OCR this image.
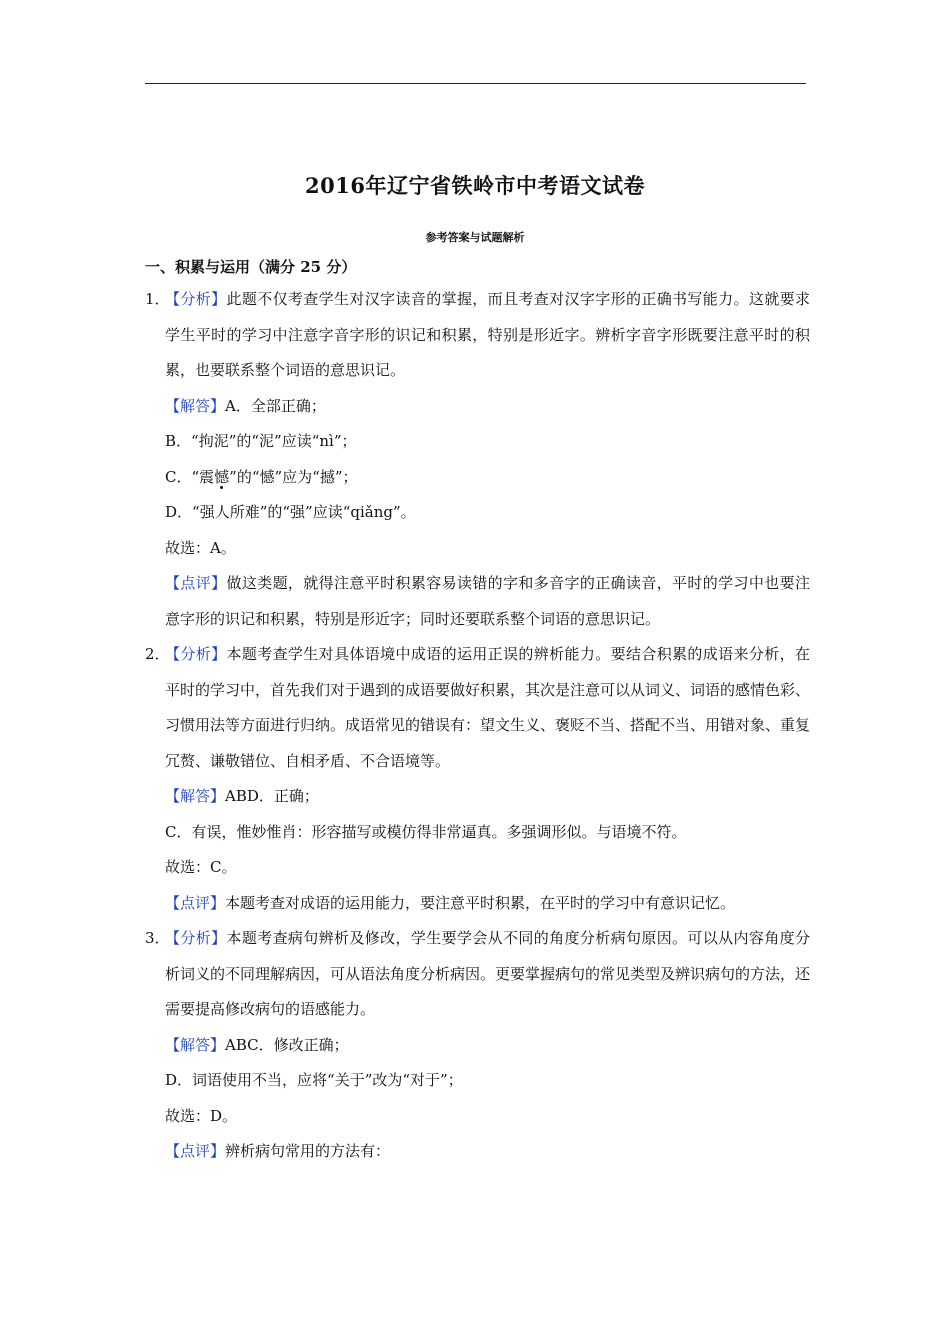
2016年辽宁省铁岭市中考语文试卷
参考答案与试题解析
一、积累与运用（满分 25 分）
1．
【分析】此题不仅考查学生对汉字读音的掌握，而且考查对汉字字形的正确书写能力。这就要求学生平时的学习中注意字音字形的识记和积累，特别是形近字。辨析字音字形既要注意平时的积累，也要联系整个词语的意思识记。
【解答】A．全部正确；
B．“拘泥”的“泥”应读“nì”；
C．“震憾”的“憾”应为“撼”；
D．“强人所难”的“强”应读“qiǎng”。
故选：A。
【点评】做这类题，就得注意平时积累容易读错的字和多音字的正确读音，平时的学习中也要注意字形的识记和积累，特别是形近字；同时还要联系整个词语的意思识记。
2．
【分析】本题考查学生对具体语境中成语的运用正误的辨析能力。要结合积累的成语来分析，在平时的学习中，首先我们对于遇到的成语要做好积累，其次是注意可以从词义、词语的感情色彩、习惯用法等方面进行归纳。成语常见的错误有：望文生义、褒贬不当、搭配不当、用错对象、重复冗赘、谦敬错位、自相矛盾、不合语境等。
【解答】ABD．正确；
C．有误，惟妙惟肖：形容描写或模仿得非常逼真。多强调形似。与语境不符。
故选：C。
【点评】本题考查对成语的运用能力，要注意平时积累，在平时的学习中有意识记忆。
3．
【分析】本题考查病句辨析及修改，学生要学会从不同的角度分析病句原因。可以从内容角度分析词义的不同理解病因，可从语法角度分析病因。更要掌握病句的常见类型及辨识病句的方法，还需要提高修改病句的语感能力。
【解答】ABC．修改正确；
D．词语使用不当，应将“关于”改为“对于”；
故选：D。
【点评】辨析病句常用的方法有：
